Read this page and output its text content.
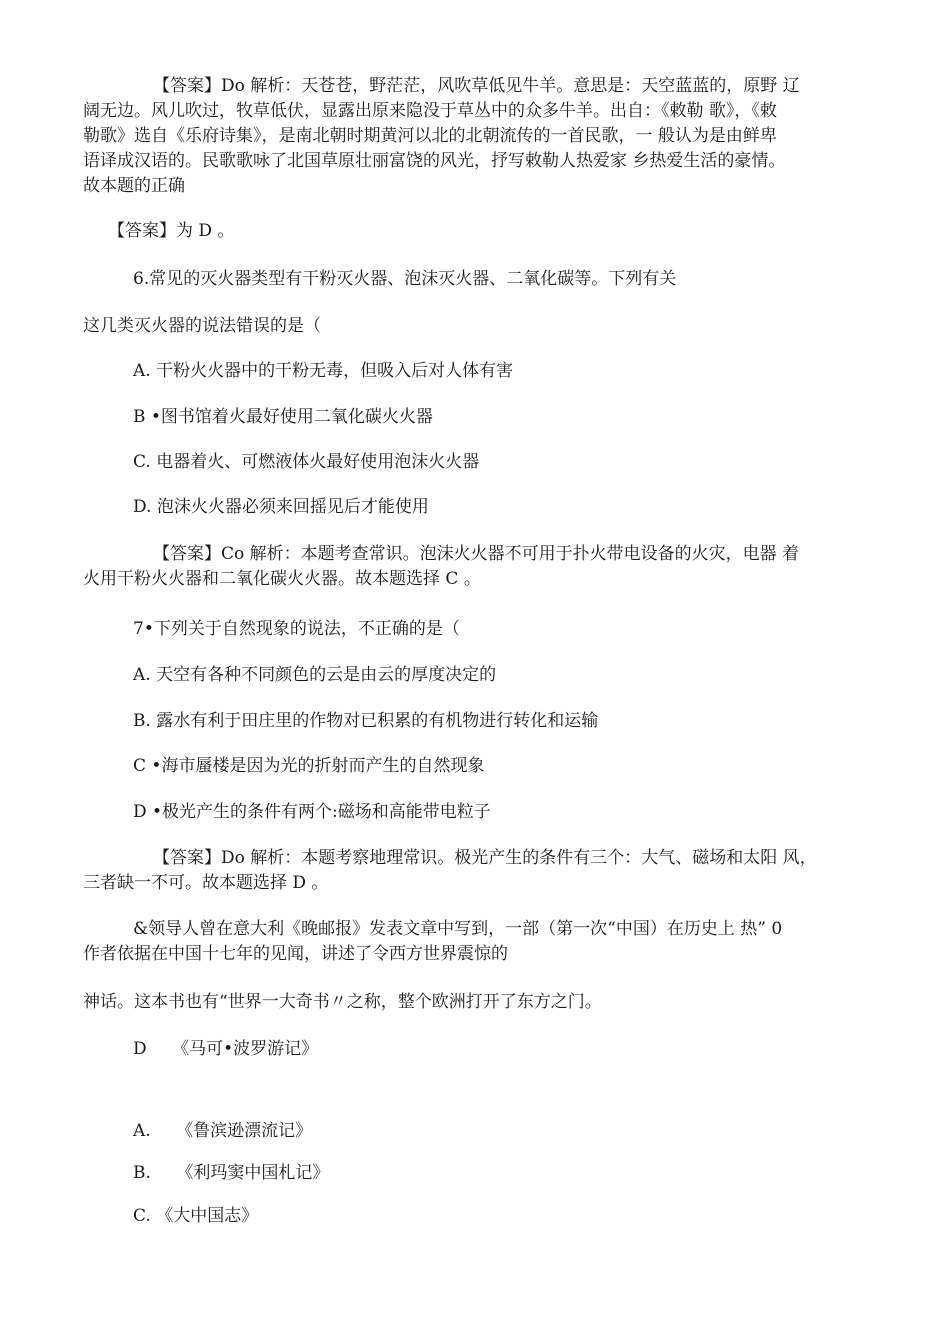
【答案】Do 解析：天苍苍，野茫茫，风吹草低见牛羊。意思是：天空蓝蓝的，原野 辽
阔无边。风儿吹过，牧草低伏，显露出原来隐没于草丛中的众多牛羊。出自：《敕勒 歌》，《敕
勒歌》选自《乐府诗集》，是南北朝时期黄河以北的北朝流传的一首民歌，一 般认为是由鲜卑
语译成汉语的。民歌歌咏了北国草原壮丽富饶的风光，抒写敕勒人热爱家 乡热爱生活的豪情。
故本题的正确
【答案】为 D 。
6.常见的灭火器类型有干粉灭火器、泡沫灭火器、二氧化碳等。下列有关
这几类灭火器的说法错误的是（
A. 干粉火火器中的干粉无毒，但吸入后对人体有害
B •图书馆着火最好使用二氧化碳火火器
C. 电器着火、可燃液体火最好使用泡沫火火器
D. 泡沫火火器必须来回摇见后才能使用
【答案】Co 解析：本题考查常识。泡沫火火器不可用于扑火带电设备的火灾，电器 着
火用干粉火火器和二氧化碳火火器。故本题选择 C 。
7•下列关于自然现象的说法，不正确的是（
A. 天空有各种不同颜色的云是由云的厚度决定的
B. 露水有利于田庄里的作物对已积累的有机物进行转化和运输
C •海市蜃楼是因为光的折射而产生的自然现象
D •极光产生的条件有两个:磁场和高能带电粒子
【答案】Do 解析：本题考察地理常识。极光产生的条件有三个：大气、磁场和太阳 风，
三者缺一不可。故本题选择 D 。
&领导人曾在意大利《晚邮报》发表文章中写到，一部（第一次“中国）在历史上 热” 0
作者依据在中国十七年的见闻，讲述了令西方世界震惊的
神话。这本书也有“世界一大奇书〃之称，整个欧洲打开了东方之门。
D　　《马可•波罗游记》
A.　　《鲁滨逊漂流记》
B.　　《利玛窦中国札记》
C. 《大中国志》
